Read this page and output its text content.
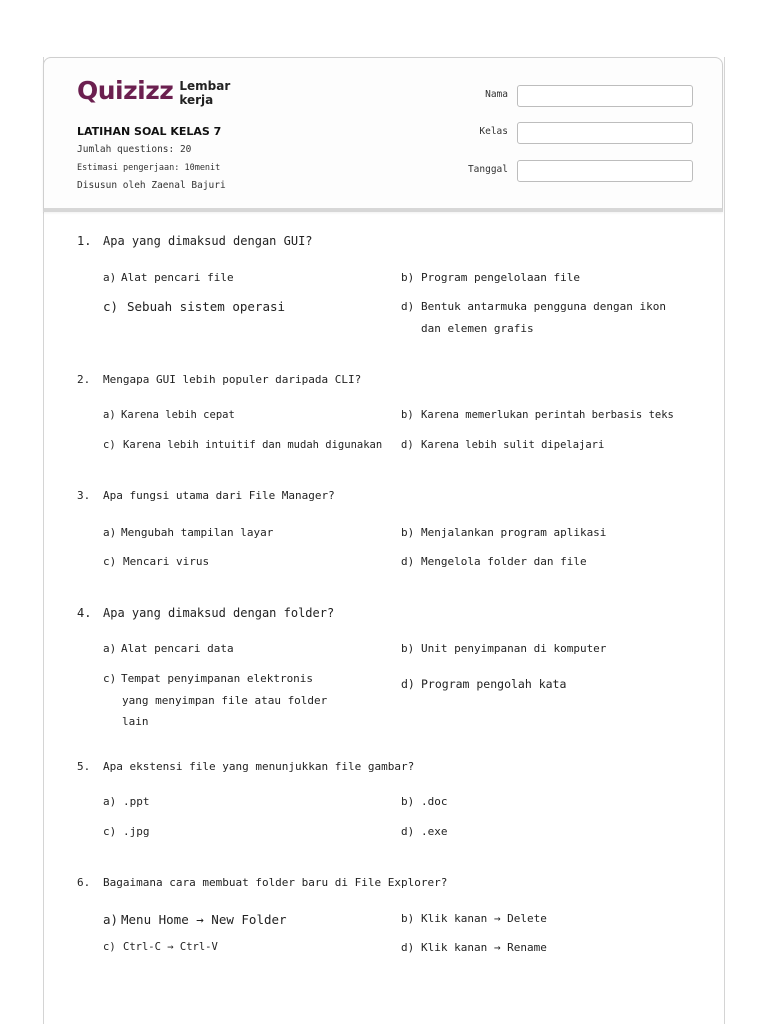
Quizizz Lembar kerja
LATIHAN SOAL KELAS 7
Jumlah questions: 20
Estimasi pengerjaan: 10menit
Disusun oleh Zaenal Bajuri
Nama
Kelas
Tanggal
1. Apa yang dimaksud dengan GUI?
a) Alat pencari file	b) Program pengelolaan file
c) Sebuah sistem operasi	d) Bentuk antarmuka pengguna dengan ikon
dan elemen grafis
2. Mengapa GUI lebih populer daripada CLI?
a) Karena lebih cepat	b) Karena memerlukan perintah berbasis teks
c) Karena lebih intuitif dan mudah digunakan d) Karena lebih sulit dipelajari
3. Apa fungsi utama dari File Manager?
a) Mengubah tampilan layar	b) Menjalankan program aplikasi
c) Mencari virus	d) Mengelola folder dan file
4. Apa yang dimaksud dengan folder?
a) Alat pencari data	b) Unit penyimpanan di komputer
c) Tempat penyimpanan elektronis
yang menyimpan file atau folder
lain
d) Program pengolah kata
5. Apa ekstensi file yang menunjukkan file gambar?
a) .ppt	b) .doc
c) .jpg	d) .exe
6. Bagaimana cara membuat folder baru di File Explorer?
a) Menu Home → New Folder	b) Klik kanan → Delete
c) Ctrl-C → Ctrl-V	d) Klik kanan → Rename
